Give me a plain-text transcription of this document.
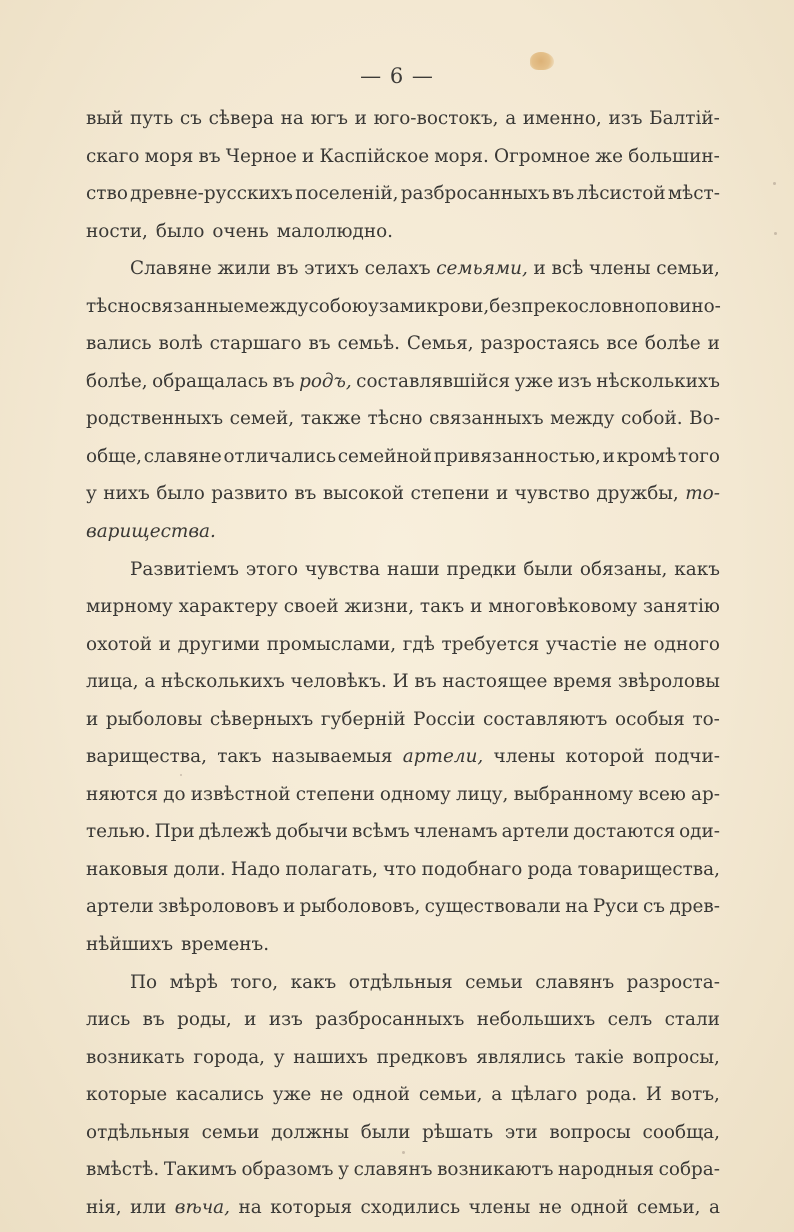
— 6 —
вый путь съ сѣвера на югъ и юго-востокъ, а именно, изъ Балтій-
скаго моря въ Черное и Каспійское моря. Огромное же большин-
ство древне-русскихъ поселеній, разбросанныхъ въ лѣсистой мѣст-
ности, было очень малолюдно.
Славяне жили въ этихъ селахъ семьями, и всѣ члены семьи,
тѣсно связанные между собою узами крови, безпрекословно повино-
вались волѣ старшаго въ семьѣ. Семья, разростаясь все болѣе и
болѣе, обращалась въ родъ, составлявшійся уже изъ нѣсколькихъ
родственныхъ семей, также тѣсно связанныхъ между собой. Во-
обще, славяне отличались семейной привязанностью, и кромѣ того
у нихъ было развито въ высокой степени и чувство дружбы, то-
варищества.
Развитіемъ этого чувства наши предки были обязаны, какъ
мирному характеру своей жизни, такъ и многовѣковому занятію
охотой и другими промыслами, гдѣ требуется участіе не одного
лица, а нѣсколькихъ человѣкъ. И въ настоящее время звѣроловы
и рыболовы сѣверныхъ губерній Россіи составляютъ особыя то-
варищества, такъ называемыя артели, члены которой подчи-
няются до извѣстной степени одному лицу, выбранному всею ар-
телью. При дѣлежѣ добычи всѣмъ членамъ артели достаются оди-
наковыя доли. Надо полагать, что подобнаго рода товарищества,
артели звѣролововъ и рыболововъ, существовали на Руси съ древ-
нѣйшихъ временъ.
По мѣрѣ того, какъ отдѣльныя семьи славянъ разроста-
лись въ роды, и изъ разбросанныхъ небольшихъ селъ стали
возникать города, у нашихъ предковъ являлись такіе вопросы,
которые касались уже не одной семьи, а цѣлаго рода. И вотъ,
отдѣльныя семьи должны были рѣшать эти вопросы сообща,
вмѣстѣ. Такимъ образомъ у славянъ возникаютъ народныя собра-
нія, или вѣча, на которыя сходились члены не одной семьи, а
